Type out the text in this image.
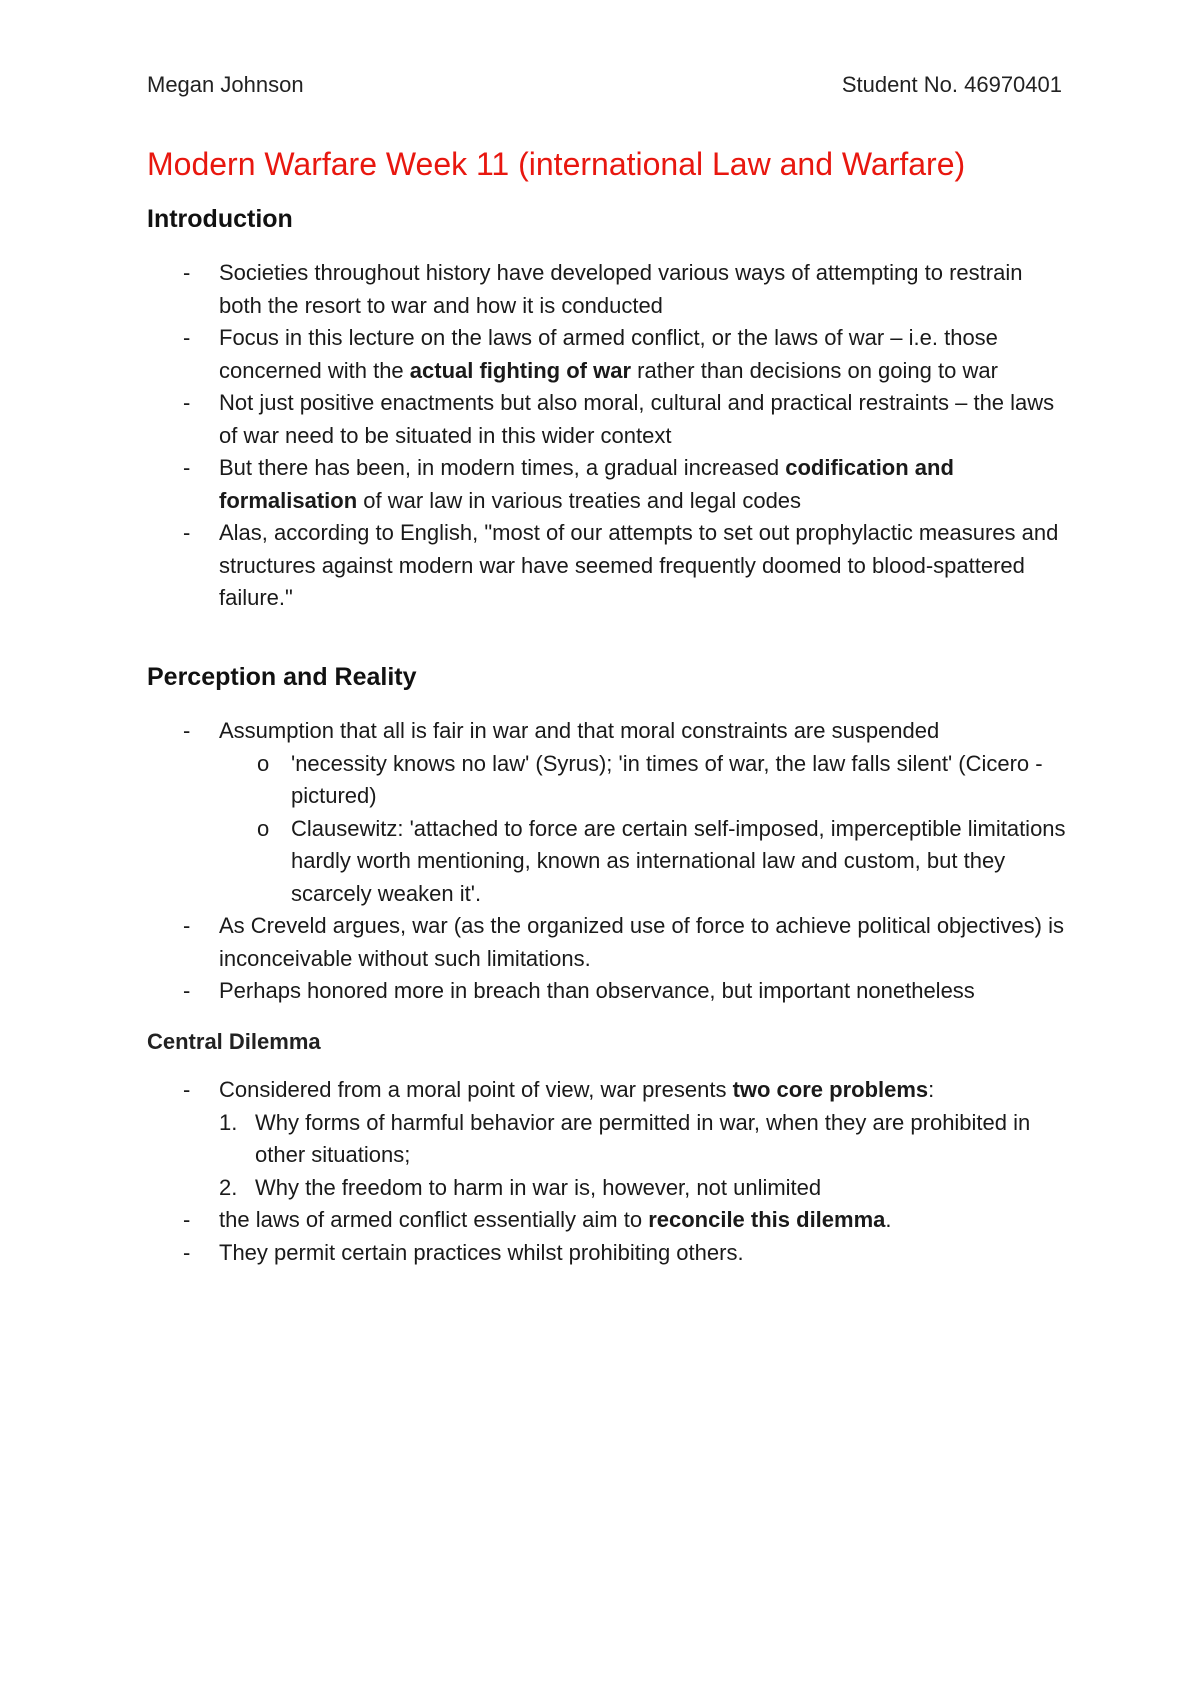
Megan Johnson	Student No. 46970401
Modern Warfare Week 11 (international Law and Warfare)
Introduction
- Societies throughout history have developed various ways of attempting to restrain both the resort to war and how it is conducted
- Focus in this lecture on the laws of armed conflict, or the laws of war – i.e. those concerned with the actual fighting of war rather than decisions on going to war
- Not just positive enactments but also moral, cultural and practical restraints – the laws of war need to be situated in this wider context
- But there has been, in modern times, a gradual increased codification and formalisation of war law in various treaties and legal codes
- Alas, according to English, "most of our attempts to set out prophylactic measures and structures against modern war have seemed frequently doomed to blood-spattered failure."
Perception and Reality
- Assumption that all is fair in war and that moral constraints are suspended
o 'necessity knows no law' (Syrus); 'in times of war, the law falls silent' (Cicero - pictured)
o Clausewitz: 'attached to force are certain self-imposed, imperceptible limitations hardly worth mentioning, known as international law and custom, but they scarcely weaken it'.
- As Creveld argues, war (as the organized use of force to achieve political objectives) is inconceivable without such limitations.
- Perhaps honored more in breach than observance, but important nonetheless
Central Dilemma
- Considered from a moral point of view, war presents two core problems:
1. Why forms of harmful behavior are permitted in war, when they are prohibited in other situations;
2. Why the freedom to harm in war is, however, not unlimited
- the laws of armed conflict essentially aim to reconcile this dilemma.
- They permit certain practices whilst prohibiting others.
